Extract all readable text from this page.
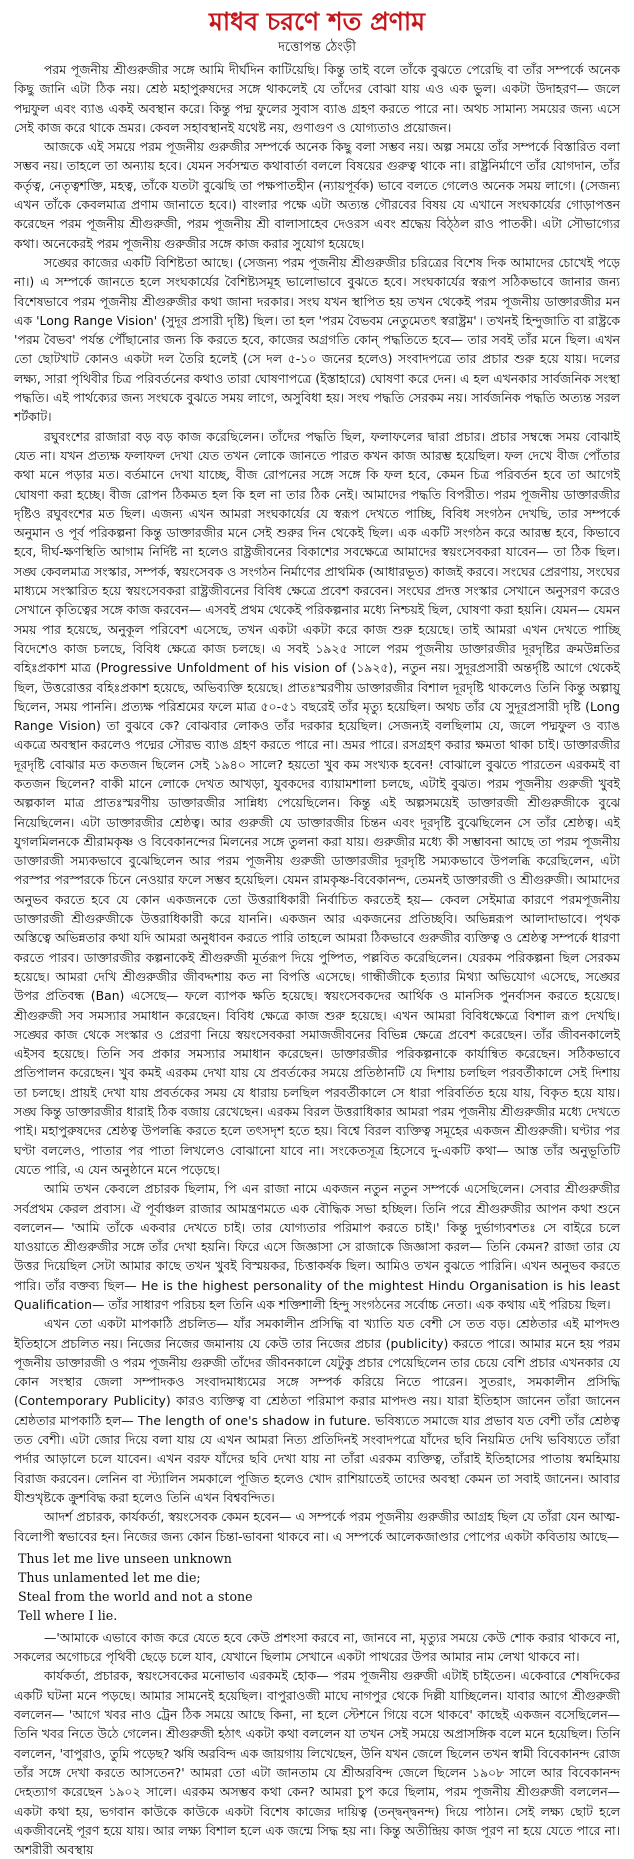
মাধব চরণে শত প্রণাম
দত্তোপন্ত ঠেংড়ী

পরম পূজনীয় শ্রীগুরুজীর সঙ্গে আমি দীর্ঘদিন কাটিয়েছি। কিন্তু তাই বলে তাঁকে বুঝতে পেরেছি বা তাঁর সম্পর্কে অনেক কিছু জানি এটা ঠিক নয়। শ্রেষ্ঠ মহাপুরুষদের সঙ্গে থাকলেই যে তাঁদের বোঝা যায় এও এক ভুল। একটা উদাহরণ— জলে পদ্মফুল এবং ব্যাঙ একই অবস্থান করে। কিন্তু পদ্ম ফুলের সুবাস ব্যাঙ গ্রহণ করতে পারে না। অথচ সামান্য সময়ের জন্য এসে সেই কাজ করে থাকে ভ্রমর। কেবল সহাবস্থানই যথেষ্ট নয়, গুণাগুণ ও যোগ্যতাও প্রয়োজন।

আজকে এই সময়ে পরম পূজনীয় গুরুজীর সম্পর্কে অনেক কিছু বলা সম্ভব নয়। অল্প সময়ে তাঁর সম্পর্কে বিস্তারিত বলা সম্ভব নয়। তাহলে তা অন্যায় হবে। যেমন সর্বসম্মত কথাবার্তা বললে বিষয়ের গুরুত্ব থাকে না। রাষ্ট্রনির্মাণে তাঁর যোগদান, তাঁর কর্তৃত্ব, নেতৃত্বশক্তি, মহত্ব, তাঁকে যতটা বুঝেছি তা পক্ষপাতহীন (ন্যায়পূর্বক) ভাবে বলতে গেলেও অনেক সময় লাগে। (সেজন্য এখন তাঁকে কেবলমাত্র প্রণাম জানাতে হবে।) বাংলার পক্ষে এটা অত্যন্ত গৌরবের বিষয় যে এখানে সংঘকার্যের গোড়াপত্তন করেছেন পরম পূজনীয় শ্রীগুরুজী, পরম পূজনীয় শ্রী বালাসাহেব দেওরস এবং শ্রদ্ধেয় বিঠ্ঠল রাও পাতকী। এটা সৌভাগ্যের কথা। অনেকেরই পরম পূজনীয় গুরুজীর সঙ্গে কাজ করার সুযোগ হয়েছে।

সঙ্ঘের কাজের একটি বিশিষ্টতা আছে। (সেজন্য পরম পূজনীয় শ্রীগুরুজীর চরিত্রের বিশেষ দিক আমাদের চোখেই পড়ে না।) এ সম্পর্কে জানতে হলে সংঘকার্যের বৈশিষ্ট্যসমূহ ভালোভাবে বুঝতে হবে। সংঘকার্যের স্বরূপ সঠিকভাবে জানার জন্য বিশেষভাবে পরম পূজনীয় শ্রীগুরুজীর কথা জানা দরকার। সংঘ যখন স্থাপিত হয় তখন থেকেই পরম পূজনীয় ডাক্তারজীর মন এক 'Long Range Vision' (সুদূর প্রসারী দৃষ্টি) ছিল। তা হল 'পরম বৈভবম নেতুমেতৎ স্বরাষ্ট্রম' ৷ তখনই হিন্দুজাতি বা রাষ্ট্রকে 'পরম বৈভব' পর্যন্ত পৌঁছানোর জন্য কি করতে হবে, কাজের অগ্রগতি কোন্ পদ্ধতিতে হবে— তার সবই তাঁর মনে ছিল। এখন তো ছোটখাট কোনও একটা দল তৈরি হলেই (সে দল ৫-১০ জনের হলেও) সংবাদপত্রে তার প্রচার শুরু হয়ে যায়। দলের লক্ষ্য, সারা পৃথিবীর চিত্র পরিবর্তনের কথাও তারা ঘোষণাপত্রে (ইস্তাহারে) ঘোষণা করে দেন। এ হল এখনকার সার্বজনিক সংস্থা পদ্ধতি। এই পার্থক্যের জন্য সংঘকে বুঝতে সময় লাগে, অসুবিধা হয়। সংঘ পদ্ধতি সেরকম নয়। সার্বজনিক পদ্ধতি অত্যন্ত সরল শর্টকাট।

রঘুবংশের রাজারা বড় বড় কাজ করেছিলেন। তাঁদের পদ্ধতি ছিল, ফলাফলের দ্বারা প্রচার। প্রচার সম্বন্ধে সময় বোঝাই যেত না। যখন প্রত্যক্ষ ফলাফল দেখা যেত তখন লোকে জানতে পারত কখন কাজ আরম্ভ হয়েছিল। ফল দেখে বীজ পোঁতার কথা মনে পড়ার মত। বর্তমানে দেখা যাচ্ছে, বীজ রোপনের সঙ্গে সঙ্গে কি ফল হবে, কেমন চিত্র পরিবর্তন হবে তা আগেই ঘোষণা করা হচ্ছে। বীজ রোপন ঠিকমত হল কি হল না তার ঠিক নেই। আমাদের পদ্ধতি বিপরীত। পরম পূজনীয় ডাক্তারজীর দৃষ্টিও রঘুবংশের মত ছিল। এজন্য এখন আমরা সংঘকার্যের যে স্বরূপ দেখতে পাচ্ছি, বিবিধ সংগঠন দেখছি, তার সম্পর্কে অনুমান ও পূর্ব পরিকল্পনা কিন্তু ডাক্তারজীর মনে সেই শুরুর দিন থেকেই ছিল। এক একটি সংগঠন করে আরম্ভ হবে, কিভাবে হবে, দীর্ঘ-ক্ষণস্থিতি আগাম নির্দিষ্ট না হলেও রাষ্ট্রজীবনের বিকাশের সবক্ষেত্রে আমাদের স্বয়ংসেবকরা যাবেন— তা ঠিক ছিল। সঙ্ঘ কেবলমাত্র সংস্কার, সম্পর্ক, স্বয়ংসেবক ও সংগঠন নির্মাণের প্রাথমিক (আধারভূত) কাজই করবে। সংঘের প্রেরণায়, সংঘের মাধ্যমে সংস্কারিত হয়ে স্বয়ংসেবকরা রাষ্ট্রজীবনের বিবিধ ক্ষেত্রে প্রবেশ করবেন। সংঘের প্রদত্ত সংস্কার সেখানে অনুসরণ করেও সেখানে কৃতিত্বের সঙ্গে কাজ করবেন— এসবই প্রথম থেকেই পরিকল্পনার মধ্যে নিশ্চয়ই ছিল, ঘোষণা করা হয়নি। যেমন— যেমন সময় পার হয়েছে, অনুকূল পরিবেশ এসেছে, তখন একটা একটা করে কাজ শুরু হয়েছে। তাই আমরা এখন দেখতে পাচ্ছি বিদেশেও কাজ চলছে, বিবিধ ক্ষেত্রে কাজ চলছে। এ সবই ১৯২৫ সালে পরম পূজনীয় ডাক্তারজীর দূরদৃষ্টির ক্রমউন্নতির বহিঃপ্রকাশ মাত্র (Progressive Unfoldment of his vision of (১৯২৫), নতুন নয়। সুদূরপ্রসারী অন্তর্দৃষ্টি আগে থেকেই ছিল, উত্তরোত্তর বহিঃপ্রকাশ হয়েছে, অভিব্যক্তি হয়েছে। প্রাতঃস্মরণীয় ডাক্তারজীর বিশাল দূরদৃষ্টি থাকলেও তিনি কিন্তু অল্পায়ু ছিলেন, সময় পাননি। প্রত্যক্ষ পরিশ্রমের ফলে মাত্র ৫০-৫১ বছরেই তাঁর মৃত্যু হয়েছিল। অথচ তাঁর যে সুদূরপ্রসারী দৃষ্টি (Long Range Vision) তা বুঝবে কে? বোঝবার লোকও তাঁর দরকার হয়েছিল। সেজন্যই বলছিলাম যে, জলে পদ্মফুল ও ব্যাঙ একত্রে অবস্থান করলেও পদ্মের সৌরভ ব্যাঙ গ্রহণ করতে পারে না। ভ্রমর পারে। রসগ্রহণ করার ক্ষমতা থাকা চাই। ডাক্তারজীর দূরদৃষ্টি বোঝার মত কতজন ছিলেন সেই ১৯৪০ সালে? হয়তো খুব কম সংখ্যক হবেন! বোঝালে বুঝতে পারতেন এরকমই বা কতজন ছিলেন? বাকী মানে লোকে দেখত আখড়া, যুবকদের ব্যায়ামশালা চলছে, এটাই বুঝত। পরম পূজনীয় গুরুজী খুবই অল্পকাল মাত্র প্রাতঃস্মরণীয় ডাক্তারজীর সান্নিধ্য পেয়েছিলেন। কিন্তু এই অল্পসময়েই ডাক্তারজী শ্রীগুরুজীকে বুঝে নিয়েছিলেন। এটা ডাক্তারজীর শ্রেষ্ঠত্ব। আর গুরুজী যে ডাক্তারজীর চিন্তন এবং দূরদৃষ্টি বুঝেছিলেন সে তাঁর শ্রেষ্ঠত্ব। এই যুগলমিলনকে শ্রীরামকৃষ্ণ ও বিবেকানন্দের মিলনের সঙ্গে তুলনা করা যায়। গুরুজীর মধ্যে কী সম্ভাবনা আছে তা পরম পূজনীয় ডাক্তারজী সম্যকভাবে বুঝেছিলেন আর পরম পূজনীয় গুরুজী ডাক্তারজীর দূরদৃষ্টি সম্যকভাবে উপলব্ধি করেছিলেন, এটা পরস্পর পরস্পরকে চিনে নেওয়ার ফলে সম্ভব হয়েছিল। যেমন রামকৃষ্ণ-বিবেকানন্দ, তেমনই ডাক্তারজী ও শ্রীগুরুজী। আমাদের অনুভব করতে হবে যে কোন একজনকে তো উত্তরাধিকারী নির্বাচিত করতেই হয়— কেবল সেইমাত্র কারণে পরমপূজনীয় ডাক্তারজী শ্রীগুরুজীকে উত্তরাধিকারী করে যাননি। একজন আর একজনের প্রতিচ্ছবি। অভিন্নরূপ আলাদাভাবে। পৃথক অস্তিত্বে অভিন্নতার কথা যদি আমরা অনুধাবন করতে পারি তাহলে আমরা ঠিকভাবে গুরুজীর ব্যক্তিত্ব ও শ্রেষ্ঠত্ব সম্পর্কে ধারণা করতে পারব। ডাক্তারজীর কল্পনাকেই শ্রীগুরুজী মূর্তরূপ দিয়ে পুষ্পিত, পল্লবিত করেছিলেন। যেরকম পরিকল্পনা ছিল সেরকম হয়েছে। আমরা দেখি শ্রীগুরুজীর জীবদ্দশায় কত না বিপত্তি এসেছে। গান্ধীজীকে হত্যার মিথ্যা অভিযোগ এসেছে, সঙ্ঘের উপর প্রতিবন্ধ (Ban) এসেছে— ফলে ব্যাপক ক্ষতি হয়েছে। স্বয়ংসেবকদের আর্থিক ও মানসিক পুনর্বাসন করতে হয়েছে। শ্রীগুরুজী সব সমস্যার সমাধান করেছেন। বিবিধ ক্ষেত্রে কাজ শুরু হয়েছে। এখন আমরা বিবিধক্ষেত্রে বিশাল রূপ দেখছি। সঙ্ঘের কাজ থেকে সংস্কার ও প্রেরণা নিয়ে স্বয়ংসেবকরা সমাজজীবনের বিভিন্ন ক্ষেত্রে প্রবেশ করেছেন। তাঁর জীবনকালেই এইসব হয়েছে। তিনি সব প্রকার সমস্যার সমাধান করেছেন। ডাক্তারজীর পরিকল্পনাকে কার্যান্বিত করেছেন। সঠিকভাবে প্রতিপালন করেছেন। খুব কমই এরকম দেখা যায় যে প্রবর্তকের সময়ে প্রতিষ্ঠানটি যে দিশায় চলছিল পরবর্তীকালে সেই দিশায় তা চলছে। প্রায়ই দেখা যায় প্রবর্তকের সময় যে ধারায় চলছিল পরবর্তীকালে সে ধারা পরিবর্তিত হয়ে যায়, বিকৃত হয়ে যায়। সঙ্ঘ কিন্তু ডাক্তারজীর ধারাই ঠিক বজায় রেখেছেন। এরকম বিরল উত্তরাধিকার আমরা পরম পূজনীয় শ্রীগুরুজীর মধ্যে দেখতে পাই। মহাপুরুষদের শ্রেষ্ঠত্ব উপলব্ধি করতে হলে তৎসদৃশ হতে হয়। বিশ্বে বিরল ব্যক্তিত্ব সমূহের একজন শ্রীগুরুজী। ঘণ্টার পর ঘণ্টা বললেও, পাতার পর পাতা লিখলেও বোঝানো যাবে না। সংকেতসূত্র হিসেবে দু-একটি কথা— আস্ত তাঁর অনুভূতিটি যেতে পারি, এ যেন অনুষ্ঠানে মনে পড়েছে।

আমি তখন কেবলে প্রচারক ছিলাম, পি এন রাজা নামে একজন নতুন নতুন সম্পর্কে এসেছিলেন। সেবার শ্রীগুরুজীর সর্বপ্রথম কেরল প্রবাস। ঐ পূর্বাঞ্চল রাজার আমন্ত্রণমতে এক বৌদ্ধিক সভা হচ্ছিল। তিনি পরে শ্রীগুরুজীর আপন কথা শুনে বললেন— 'আমি তাঁকে একবার দেখতে চাই। তার যোগ্যতার পরিমাপ করতে চাই।' কিন্তু দুর্ভাগ্যবশতঃ সে বাইরে চলে যাওয়াতে শ্রীগুরুজীর সঙ্গে তাঁর দেখা হয়নি। ফিরে এসে জিজ্ঞাসা সে রাজাকে জিজ্ঞাসা করল— তিনি কেমন? রাজা তার যে উত্তর দিয়েছিল সেটা আমার কাছে তখন খুবই বিস্ময়কর, চিত্তাকর্ষক ছিল। আমিও তখন বুঝতে পারিনি। এখন অনুভব করতে পারি। তাঁর বক্তব্য ছিল— He is the highest personality of the mightest Hindu Organisation is his least Qualification— তাঁর সাধারণ পরিচয় হল তিনি এক শক্তিশালী হিন্দু সংগঠনের সর্বোচ্চ নেতা। এক কথায় এই পরিচয় ছিল।

এখন তো একটা মাপকাঠি প্রচলিত— যাঁর সমকালীন প্রসিদ্ধি বা খ্যাতি যত বেশী সে তত বড়। শ্রেষ্ঠতার এই মাপদণ্ড ইতিহাসে প্রচলিত নয়। নিজের নিজের জমানায় যে কেউ তার নিজের প্রচার (publicity) করতে পারে। আমার মনে হয় পরম পূজনীয় ডাক্তারজী ও পরম পূজনীয় গুরুজী তাঁদের জীবনকালে যেটুকু প্রচার পেয়েছিলেন তার চেয়ে বেশি প্রচার এখনকার যে কোন সংস্থার জেলা সম্পাদকও সংবাদমাধ্যমের সঙ্গে সম্পর্ক করিয়ে নিতে পারেন। সুতরাং, সমকালীন প্রসিদ্ধি (Contemporary Publicity) কারও ব্যক্তিত্ব বা শ্রেষ্ঠতা পরিমাপ করার মাপদণ্ড নয়। যারা ইতিহাস জানেন তাঁরা জানেন শ্রেষ্ঠতার মাপকাঠি হল— The length of one's shadow in future. ভবিষ্যতে সমাজে যার প্রভাব যত বেশী তাঁর শ্রেষ্ঠত্ব তত বেশী। এটা জোর দিয়ে বলা যায় যে এখন আমরা নিত্য প্রতিদিনই সংবাদপত্রে যাঁদের ছবি নিয়মিত দেখি ভবিষ্যতে তাঁরা পর্দার আড়ালে চলে যাবেন। এখন বরফ যাঁদের ছবি দেখা যায় না তাঁরা এরকম ব্যক্তিত্ব, তাঁরাই ইতিহাসের পাতায় স্বমহিমায় বিরাজ করবেন। লেনিন বা স্ট্যালিন সমকালে পূজিত হলেও খোদ রাশিয়াতেই তাদের অবস্থা কেমন তা সবাই জানেন। আবার যীশুখৃষ্টকে ক্রুশবিদ্ধ করা হলেও তিনি এখন বিশ্ববন্দিত।

আদর্শ প্রচারক, কার্যকর্তা, স্বয়ংসেবক কেমন হবেন— এ সম্পর্কে পরম পূজনীয় গুরুজীর আগ্রহ ছিল যে তাঁরা যেন আত্ম-বিলোপী স্বভাবের হন। নিজের জন্য কোন চিন্তা-ভাবনা থাকবে না। এ সম্পর্কে আলেকজাণ্ডার পোপের একটা কবিতায় আছে—

Thus let me live unseen unknown
Thus unlamented let me die;
Steal from the world and not a stone
Tell where I lie.

—'আমাকে এভাবে কাজ করে যেতে হবে কেউ প্রশংসা করবে না, জানবে না, মৃত্যুর সময়ে কেউ শোক করার থাকবে না, সকলের অগোচরে পৃথিবী ছেড়ে চলে যাব, যেখানে ছিলাম সেখানে একটা পাথরের উপর আমার নাম লেখা থাকবে না।

কার্যকর্তা, প্রচারক, স্বয়ংসেবকের মনোভাব এরকমই হোক— পরম পূজনীয় গুরুজী এটাই চাইতেন। একেবারে শেষদিকের একটি ঘটনা মনে পড়ছে। আমার সামনেই হয়েছিল। বাপুরাওজী মাঘে নাগপুর থেকে দিল্লী যাচ্ছিলেন। যাবার আগে শ্রীগুরুজী বললেন— 'আগে খবর নাও ট্রেন ঠিক সময়ে আছে কিনা, না হলে স্টেশনে গিয়ে বসে থাকবে' কাছেই একজন বসেছিলেন— তিনি খবর নিতে উঠে গেলেন। শ্রীগুরুজী হঠাৎ একটা কথা বললেন যা তখন সেই সময়ে অপ্রাসঙ্গিক বলে মনে হয়েছিল। তিনি বললেন, 'বাপুরাও, তুমি পড়েছ? ঋষি অরবিন্দ এক জায়গায় লিখেছেন, উনি যখন জেলে ছিলেন তখন স্বামী বিবেকানন্দ রোজ তাঁর সঙ্গে দেখা করতে আসতেন?' আমরা তো এটা জানতাম যে শ্রীঅরবিন্দ জেলে ছিলেন ১৯০৮ সালে আর বিবেকানন্দ দেহত্যাগ করেছেন ১৯০২ সালে। এরকম অসম্ভব কথা কেন? আমরা চুপ করে ছিলাম, পরম পূজনীয় শ্রীগুরুজী বললেন— একটা কথা হয়, ভগবান কাউকে কাউকে একটা বিশেষ কাজের দায়িত্ব (তন্দ্বন্দ্বনন্দ) দিয়ে পাঠান। সেই লক্ষ্য ছোট হলে একজীবনেই পূরণ হয়ে যায়। আর লক্ষ্য বিশাল হলে এক জন্মে সিদ্ধ হয় না। কিন্তু অতীন্দ্রিয় কাজ পূরণ না হয়ে যেতে পারে না। অশরীরী অবস্থায়
